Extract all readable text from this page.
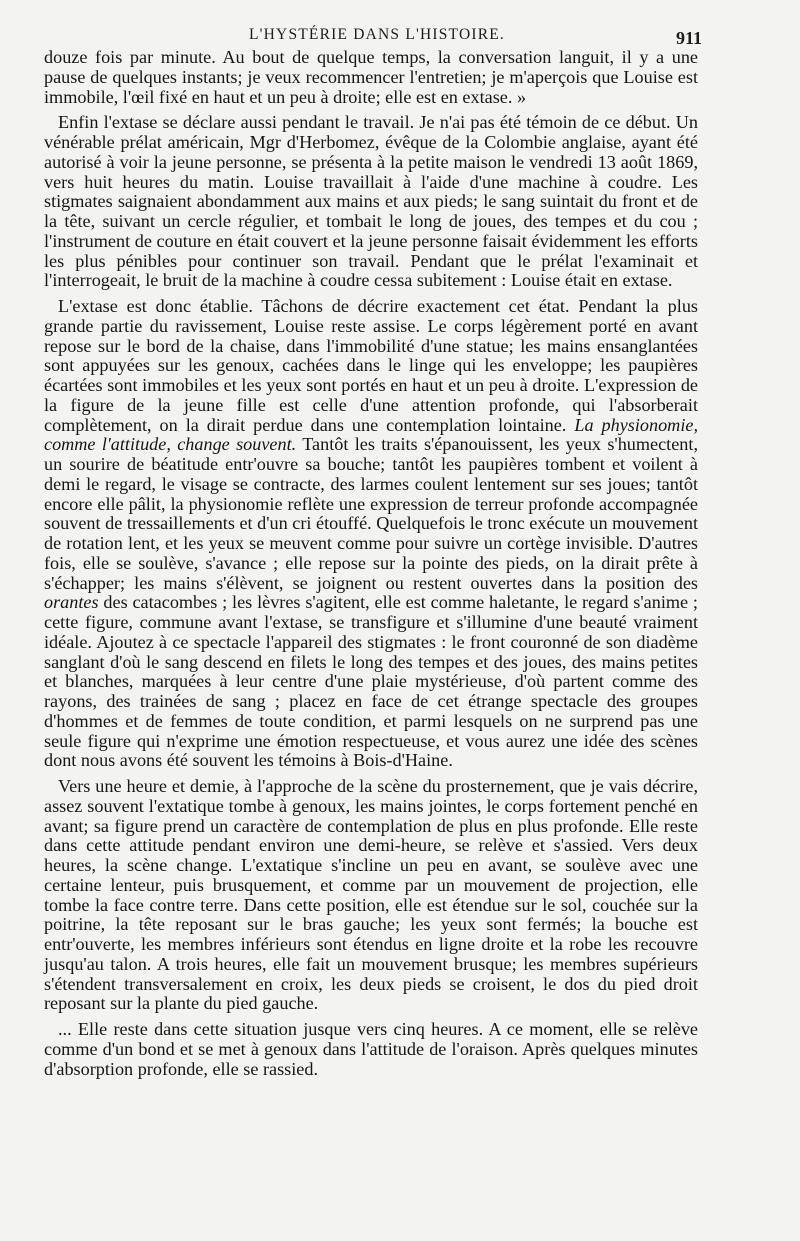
L'HYSTÉRIE DANS L'HISTOIRE.	911

douze fois par minute. Au bout de quelque temps, la conversation languit, il y a une pause de quelques instants; je veux recommencer l'entretien; je m'aperçois que Louise est immobile, l'œil fixé en haut et un peu à droite; elle est en extase. »

Enfin l'extase se déclare aussi pendant le travail. Je n'ai pas été témoin de ce début. Un vénérable prélat américain, Mgr d'Herbomez, évêque de la Colombie anglaise, ayant été autorisé à voir la jeune personne, se présenta à la petite maison le vendredi 13 août 1869, vers huit heures du matin. Louise travaillait à l'aide d'une machine à coudre. Les stigmates saignaient abondamment aux mains et aux pieds; le sang suintait du front et de la tête, suivant un cercle régulier, et tombait le long de joues, des tempes et du cou ; l'instrument de couture en était couvert et la jeune personne faisait évidemment les efforts les plus pénibles pour continuer son travail. Pendant que le prélat l'examinait et l'interrogeait, le bruit de la machine à coudre cessa subitement : Louise était en extase.

L'extase est donc établie. Tâchons de décrire exactement cet état. Pendant la plus grande partie du ravissement, Louise reste assise. Le corps légèrement porté en avant repose sur le bord de la chaise, dans l'immobilité d'une statue; les mains ensanglantées sont appuyées sur les genoux, cachées dans le linge qui les enveloppe; les paupières écartées sont immobiles et les yeux sont portés en haut et un peu à droite. L'expression de la figure de la jeune fille est celle d'une attention profonde, qui l'absorberait complètement, on la dirait perdue dans une contemplation lointaine. La physionomie, comme l'attitude, change souvent. Tantôt les traits s'épanouissent, les yeux s'humectent, un sourire de béatitude entr'ouvre sa bouche; tantôt les paupières tombent et voilent à demi le regard, le visage se contracte, des larmes coulent lentement sur ses joues; tantôt encore elle pâlit, la physionomie reflète une expression de terreur profonde accompagnée souvent de tressaillements et d'un cri étouffé. Quelquefois le tronc exécute un mouvement de rotation lent, et les yeux se meuvent comme pour suivre un cortège invisible. D'autres fois, elle se soulève, s'avance ; elle repose sur la pointe des pieds, on la dirait prête à s'échapper; les mains s'élèvent, se joignent ou restent ouvertes dans la position des orantes des catacombes ; les lèvres s'agitent, elle est comme haletante, le regard s'anime ; cette figure, commune avant l'extase, se transfigure et s'illumine d'une beauté vraiment idéale. Ajoutez à ce spectacle l'appareil des stigmates : le front couronné de son diadème sanglant d'où le sang descend en filets le long des tempes et des joues, des mains petites et blanches, marquées à leur centre d'une plaie mystérieuse, d'où partent comme des rayons, des trainées de sang ; placez en face de cet étrange spectacle des groupes d'hommes et de femmes de toute condition, et parmi lesquels on ne surprend pas une seule figure qui n'exprime une émotion respectueuse, et vous aurez une idée des scènes dont nous avons été souvent les témoins à Bois-d'Haine.

Vers une heure et demie, à l'approche de la scène du prosternement, que je vais décrire, assez souvent l'extatique tombe à genoux, les mains jointes, le corps fortement penché en avant; sa figure prend un caractère de contemplation de plus en plus profonde. Elle reste dans cette attitude pendant environ une demi-heure, se relève et s'assied. Vers deux heures, la scène change. L'extatique s'incline un peu en avant, se soulève avec une certaine lenteur, puis brusquement, et comme par un mouvement de projection, elle tombe la face contre terre. Dans cette position, elle est étendue sur le sol, couchée sur la poitrine, la tête reposant sur le bras gauche; les yeux sont fermés; la bouche est entr'ouverte, les membres inférieurs sont étendus en ligne droite et la robe les recouvre jusqu'au talon. A trois heures, elle fait un mouvement brusque; les membres supérieurs s'étendent transversalement en croix, les deux pieds se croisent, le dos du pied droit reposant sur la plante du pied gauche.

... Elle reste dans cette situation jusque vers cinq heures. A ce moment, elle se relève comme d'un bond et se met à genoux dans l'attitude de l'oraison. Après quelques minutes d'absorption profonde, elle se rassied.
